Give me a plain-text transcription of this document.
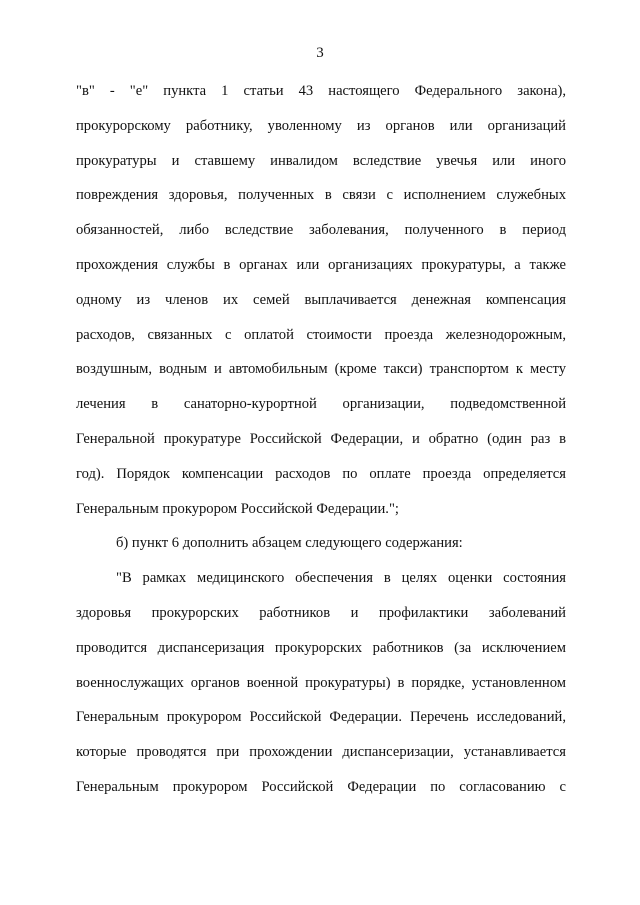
3
"в" - "е" пункта 1 статьи 43 настоящего Федерального закона),
прокурорскому работнику, уволенному из органов или организаций
прокуратуры и ставшему инвалидом вследствие увечья или иного
повреждения здоровья, полученных в связи с исполнением служебных
обязанностей, либо вследствие заболевания, полученного в период
прохождения службы в органах или организациях прокуратуры, а также
одному из членов их семей выплачивается денежная компенсация
расходов, связанных с оплатой стоимости проезда железнодорожным,
воздушным, водным и автомобильным (кроме такси) транспортом к месту
лечения в санаторно-курортной организации, подведомственной
Генеральной прокуратуре Российской Федерации, и обратно (один раз в
год). Порядок компенсации расходов по оплате проезда определяется
Генеральным прокурором Российской Федерации.";
б) пункт 6 дополнить абзацем следующего содержания:
"В рамках медицинского обеспечения в целях оценки состояния
здоровья прокурорских работников и профилактики заболеваний
проводится диспансеризация прокурорских работников (за исключением
военнослужащих органов военной прокуратуры) в порядке, установленном
Генеральным прокурором Российской Федерации. Перечень исследований,
которые проводятся при прохождении диспансеризации, устанавливается
Генеральным прокурором Российской Федерации по согласованию с
